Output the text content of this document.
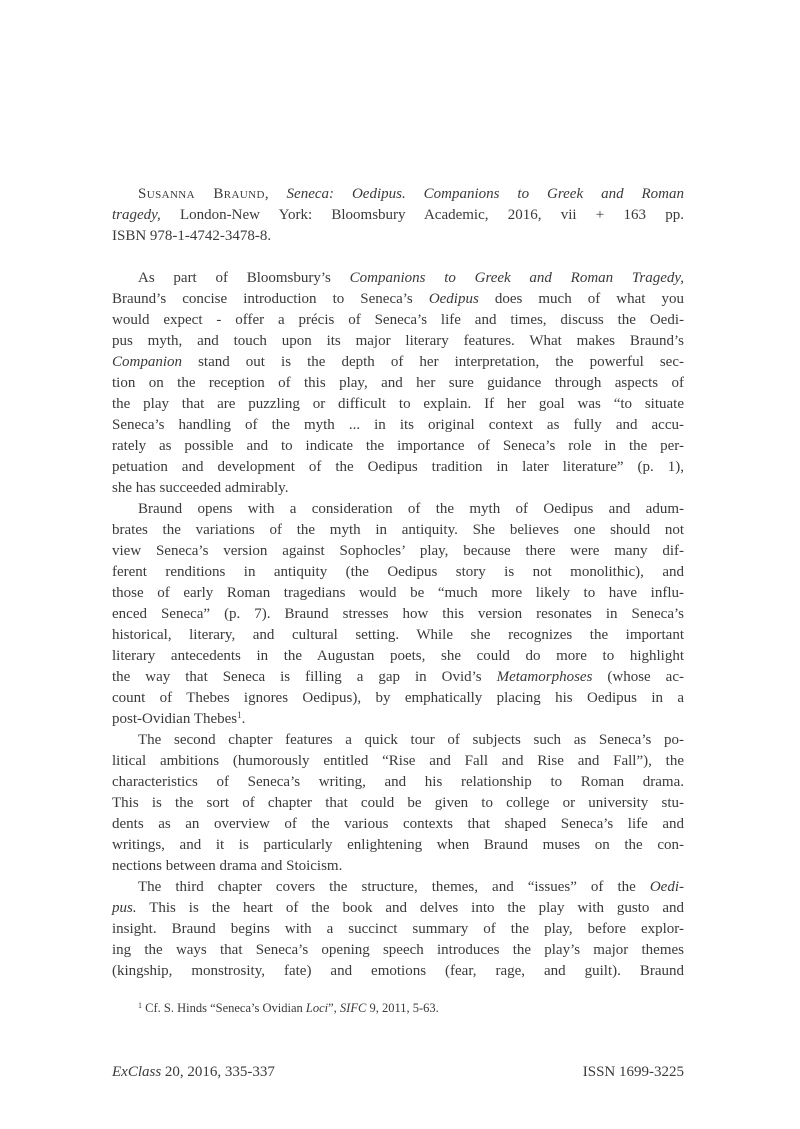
Susanna Braund, Seneca: Oedipus. Companions to Greek and Roman
tragedy, London-New York: Bloomsbury Academic, 2016, vii + 163 pp.
ISBN 978-1-4742-3478-8.
As part of Bloomsbury’s Companions to Greek and Roman Tragedy,
Braund’s concise introduction to Seneca’s Oedipus does much of what you
would expect - offer a précis of Seneca’s life and times, discuss the Oedi-
pus myth, and touch upon its major literary features. What makes Braund’s
Companion stand out is the depth of her interpretation, the powerful sec-
tion on the reception of this play, and her sure guidance through aspects of
the play that are puzzling or difficult to explain. If her goal was “to situate
Seneca’s handling of the myth ... in its original context as fully and accu-
rately as possible and to indicate the importance of Seneca’s role in the per-
petuation and development of the Oedipus tradition in later literature” (p. 1),
she has succeeded admirably.
Braund opens with a consideration of the myth of Oedipus and adum-
brates the variations of the myth in antiquity. She believes one should not
view Seneca’s version against Sophocles’ play, because there were many dif-
ferent renditions in antiquity (the Oedipus story is not monolithic), and
those of early Roman tragedians would be “much more likely to have influ-
enced Seneca” (p. 7). Braund stresses how this version resonates in Seneca’s
historical, literary, and cultural setting. While she recognizes the important
literary antecedents in the Augustan poets, she could do more to highlight
the way that Seneca is filling a gap in Ovid’s Metamorphoses (whose ac-
count of Thebes ignores Oedipus), by emphatically placing his Oedipus in a
post-Ovidian Thebes$^1$.
The second chapter features a quick tour of subjects such as Seneca’s po-
litical ambitions (humorously entitled “Rise and Fall and Rise and Fall”), the
characteristics of Seneca’s writing, and his relationship to Roman drama.
This is the sort of chapter that could be given to college or university stu-
dents as an overview of the various contexts that shaped Seneca’s life and
writings, and it is particularly enlightening when Braund muses on the con-
nections between drama and Stoicism.
The third chapter covers the structure, themes, and “issues” of the Oedi-
pus. This is the heart of the book and delves into the play with gusto and
insight. Braund begins with a succinct summary of the play, before explor-
ing the ways that Seneca’s opening speech introduces the play’s major themes
(kingship, monstrosity, fate) and emotions (fear, rage, and guilt). Braund
$^1$ Cf. S. Hinds “Seneca’s Ovidian Loci”, SIFC 9, 2011, 5-63.
ExClass 20, 2016, 335-337	ISSN 1699-3225
